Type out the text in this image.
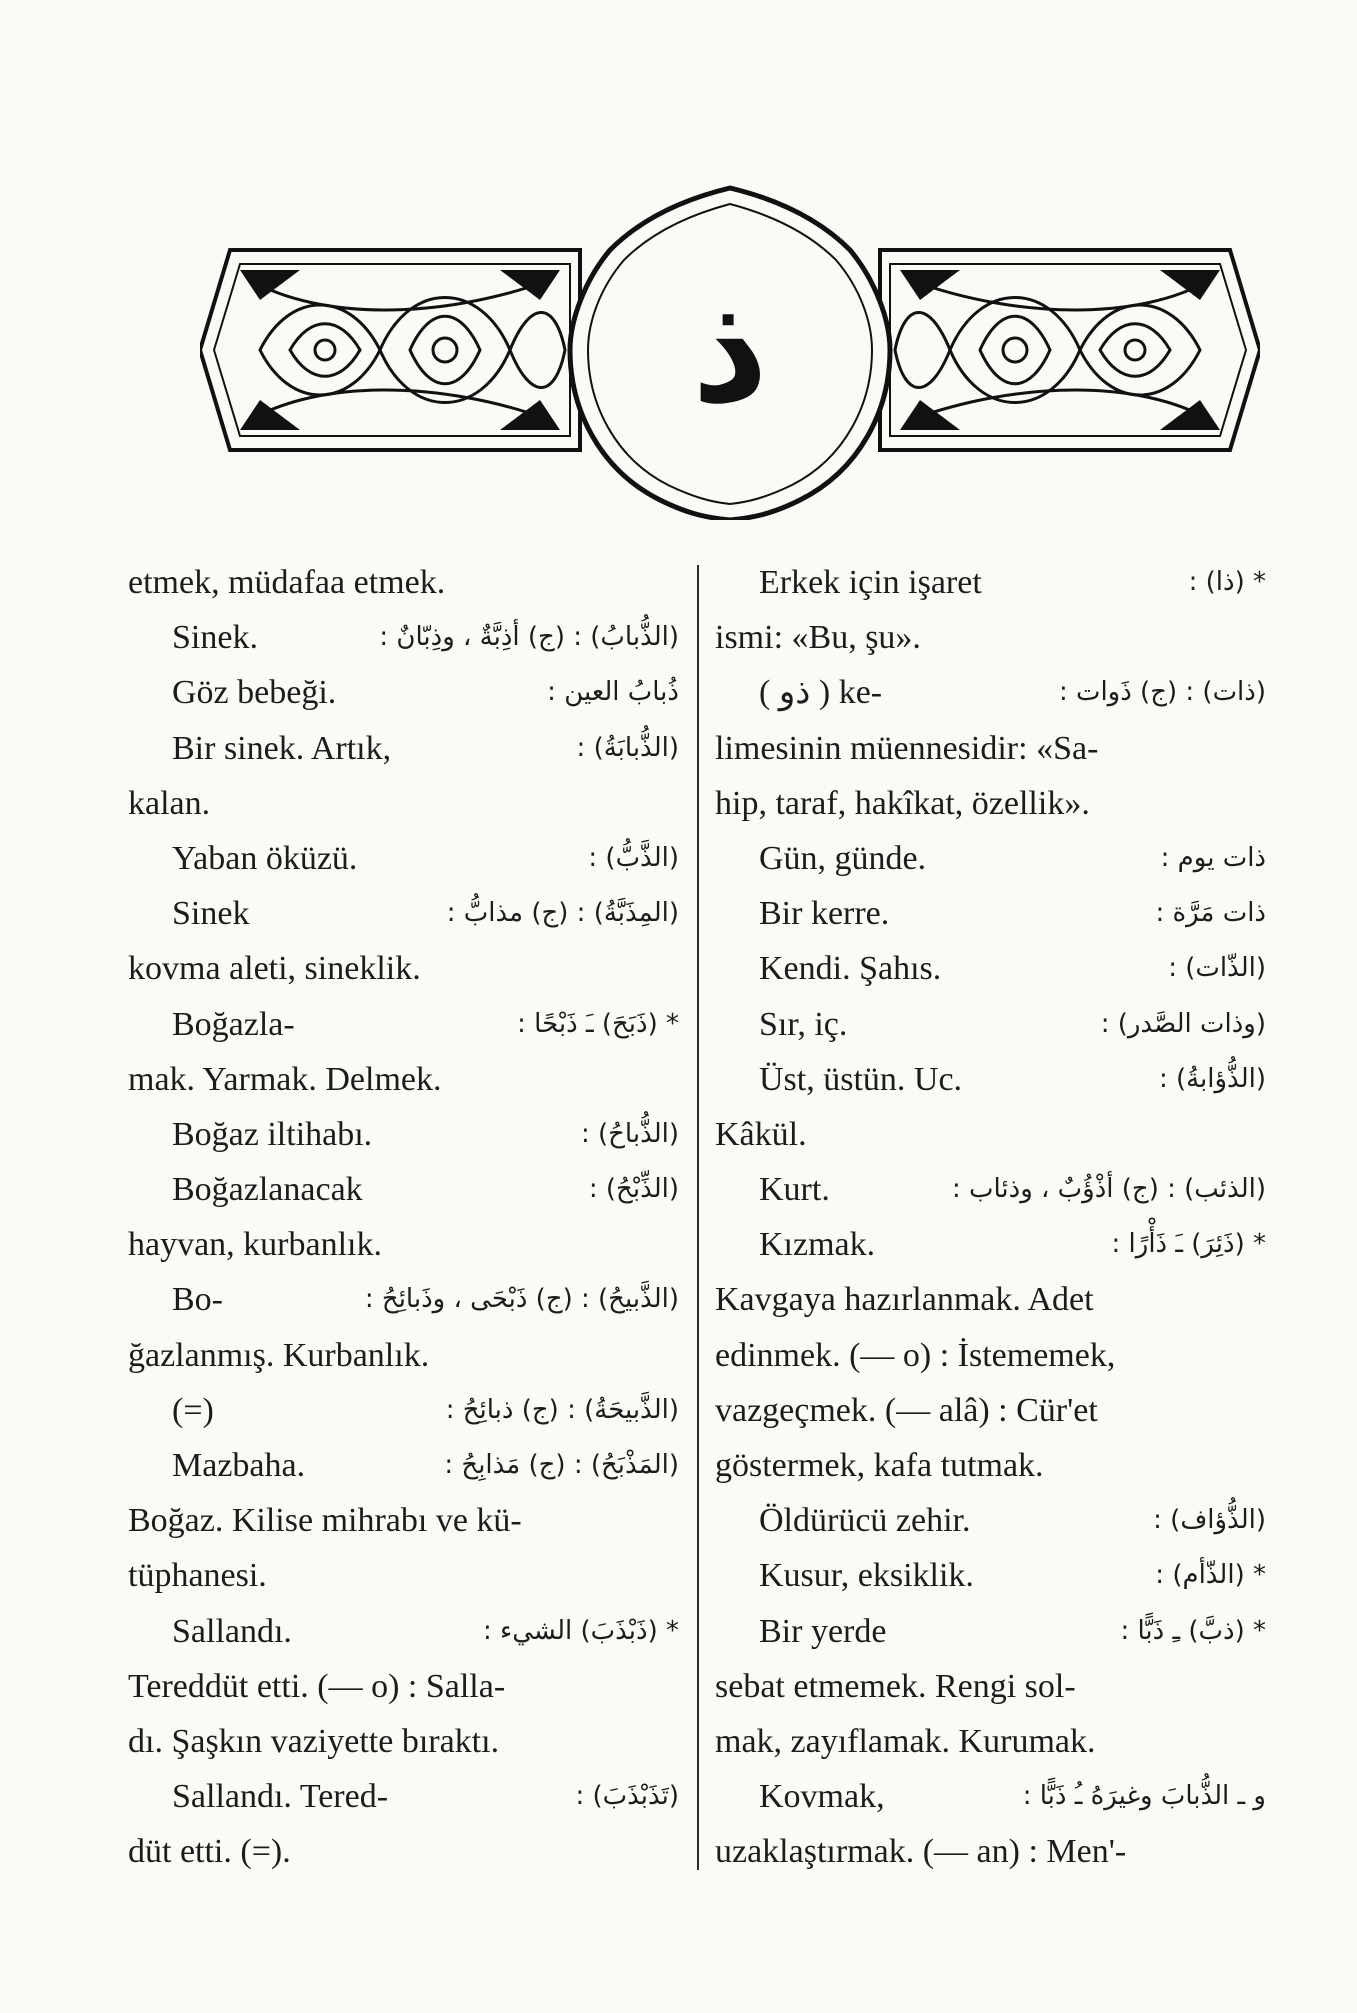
ذ
etmek, müdafaa etmek.
Sinek.	(الذُّبابُ) : (ج) أذِبَّةٌ ، وذِبّانٌ :
Göz bebeği.	ذُبابُ العين :
Bir sinek. Artık,	(الذُّبابَةُ) :
kalan.
Yaban öküzü.	(الذَّبُّ) :
Sinek	(المِذَبَّةُ) : (ج) مذابُّ :
kovma aleti, sineklik.
Boğazla-	* (ذَبَحَ) ـَ ذَبْحًا :
mak. Yarmak. Delmek.
Boğaz iltihabı.	(الذُّباحُ) :
Boğazlanacak	(الذِّبْحُ) :
hayvan, kurbanlık.
Bo-	(الذَّبيحُ) : (ج) ذَبْحَى ، وذَبائِحُ :
ğazlanmış. Kurbanlık.
(=)	(الذَّبيحَةُ) : (ج) ذبائِحُ :
Mazbaha.	(المَذْبَحُ) : (ج) مَذابِحُ :
Boğaz. Kilise mihrabı ve kü-
tüphanesi.
Sallandı.	* (ذَبْذَبَ) الشيء :
Tereddüt etti. (— o) : Salla-
dı. Şaşkın vaziyette bıraktı.
Sallandı. Tered-	(تَذَبْذَبَ) :
düt etti. (=).
Erkek için işaret	* (ذا) :
ismi: «Bu, şu».
( ذو ) ke-	(ذات) : (ج) ذَوات :
limesinin müennesidir: «Sa-
hip, taraf, hakîkat, özellik».
Gün, günde.	ذات يوم :
Bir kerre.	ذات مَرَّة :
Kendi. Şahıs.	(الذّات) :
Sır, iç.	(وذات الصَّدر) :
Üst, üstün. Uc.	(الذُّؤابةُ) :
Kâkül.
Kurt.	(الذئب) : (ج) أذْؤُبٌ ، وذئاب :
Kızmak.	* (ذَئِرَ) ـَ ذَأْرًا :
Kavgaya hazırlanmak. Adet
edinmek. (— o) : İstememek,
vazgeçmek. (— alâ) : Cür'et
göstermek, kafa tutmak.
Öldürücü zehir.	(الذُّؤاف) :
Kusur, eksiklik.	* (الذّأم) :
Bir yerde	* (ذبَّ) ـِ ذَبًّا :
sebat etmemek. Rengi sol-
mak, zayıflamak. Kurumak.
Kovmak,	و ـ الذُّبابَ وغيرَهُ ـُ ذَبًّا :
uzaklaştırmak. (— an) : Men'-
